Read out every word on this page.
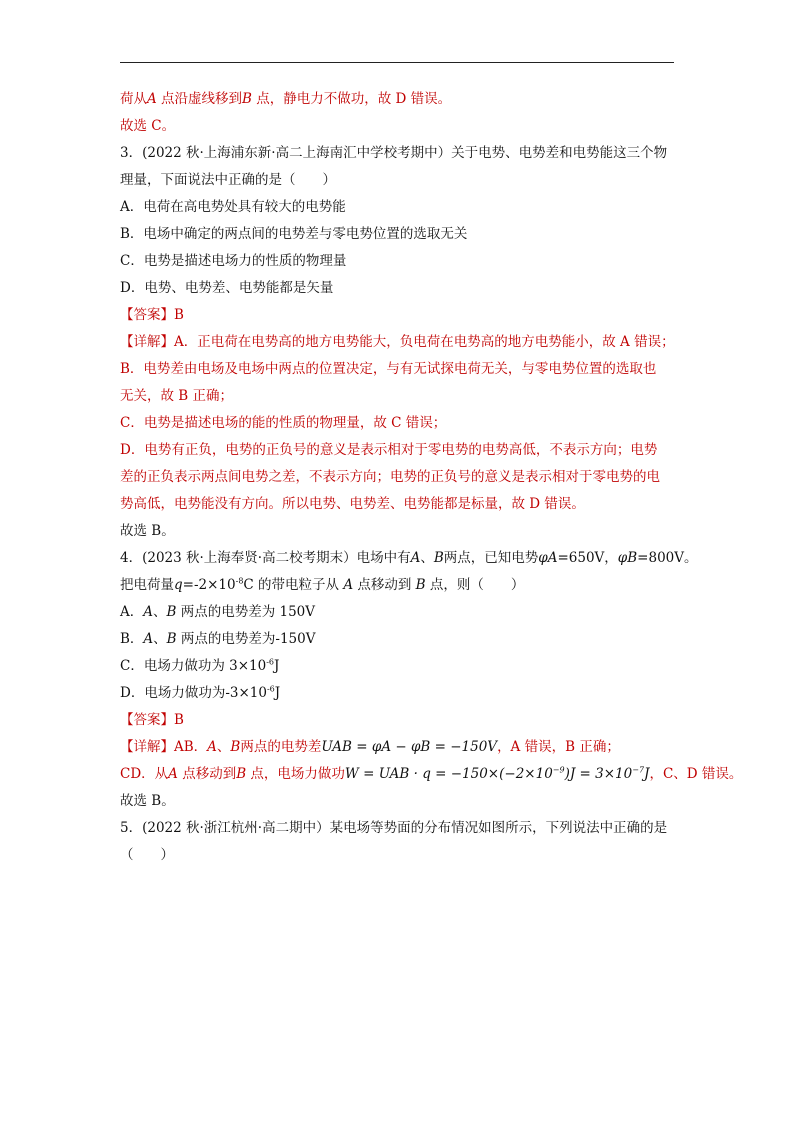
荷从A 点沿虚线移到B 点，静电力不做功，故 D 错误。
故选 C。
3．(2022 秋·上海浦东新·高二上海南汇中学校考期中）关于电势、电势差和电势能这三个物
理量，下面说法中正确的是（　　）
A．电荷在高电势处具有较大的电势能
B．电场中确定的两点间的电势差与零电势位置的选取无关
C．电势是描述电场力的性质的物理量
D．电势、电势差、电势能都是矢量
【答案】B
【详解】A．正电荷在电势高的地方电势能大，负电荷在电势高的地方电势能小，故 A 错误；
B．电势差由电场及电场中两点的位置决定，与有无试探电荷无关，与零电势位置的选取也
无关，故 B 正确；
C．电势是描述电场的能的性质的物理量，故 C 错误；
D．电势有正负，电势的正负号的意义是表示相对于零电势的电势高低，不表示方向；电势
差的正负表示两点间电势之差，不表示方向；电势的正负号的意义是表示相对于零电势的电
势高低，电势能没有方向。所以电势、电势差、电势能都是标量，故 D 错误。
故选 B。
4．(2023 秋·上海奉贤·高二校考期末）电场中有A、B两点，已知电势φA=650V，φB=800V。
把电荷量$q=-2\times 10^{-8}C$ 的带电粒子从 A 点移动到 B 点，则（　　）
A．A、B 两点的电势差为 150V
B．A、B 两点的电势差为-150V
C．电场力做功为 $3\times 10^{-6}J$
D．电场力做功为$-3\times 10^{-6}J$
【答案】B
【详解】AB．A、B两点的电势差UAB = φA − φB = −150V，A 错误，B 正确；
CD．从A 点移动到B 点，电场力做功W = UAB · $q = -150\times(-2\times 10^{-9})J = 3\times 10^{-7}J$，C、D 错误。
故选 B。
5．(2022 秋·浙江杭州·高二期中）某电场等势面的分布情况如图所示，下列说法中正确的是
（　　）
